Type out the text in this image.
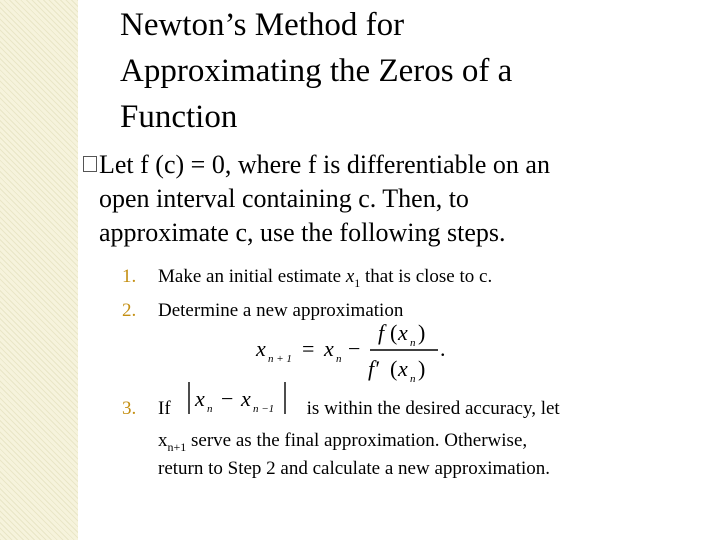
Newton’s Method for
Approximating the Zeros of a
Function
Let f (c) = 0, where f is differentiable on an
open interval containing c. Then, to
approximate c, use the following steps.
1. Make an initial estimate $x_1$ that is close to c.
2. Determine a new approximation
3. If	is within the desired accuracy, let
$x_{n+1}$ serve as the final approximation. Otherwise,
return to Step 2 and calculate a new approximation.
x n + 1 = x n −
f ( x n )
f′ ( x n )
.
x n − x n −1
